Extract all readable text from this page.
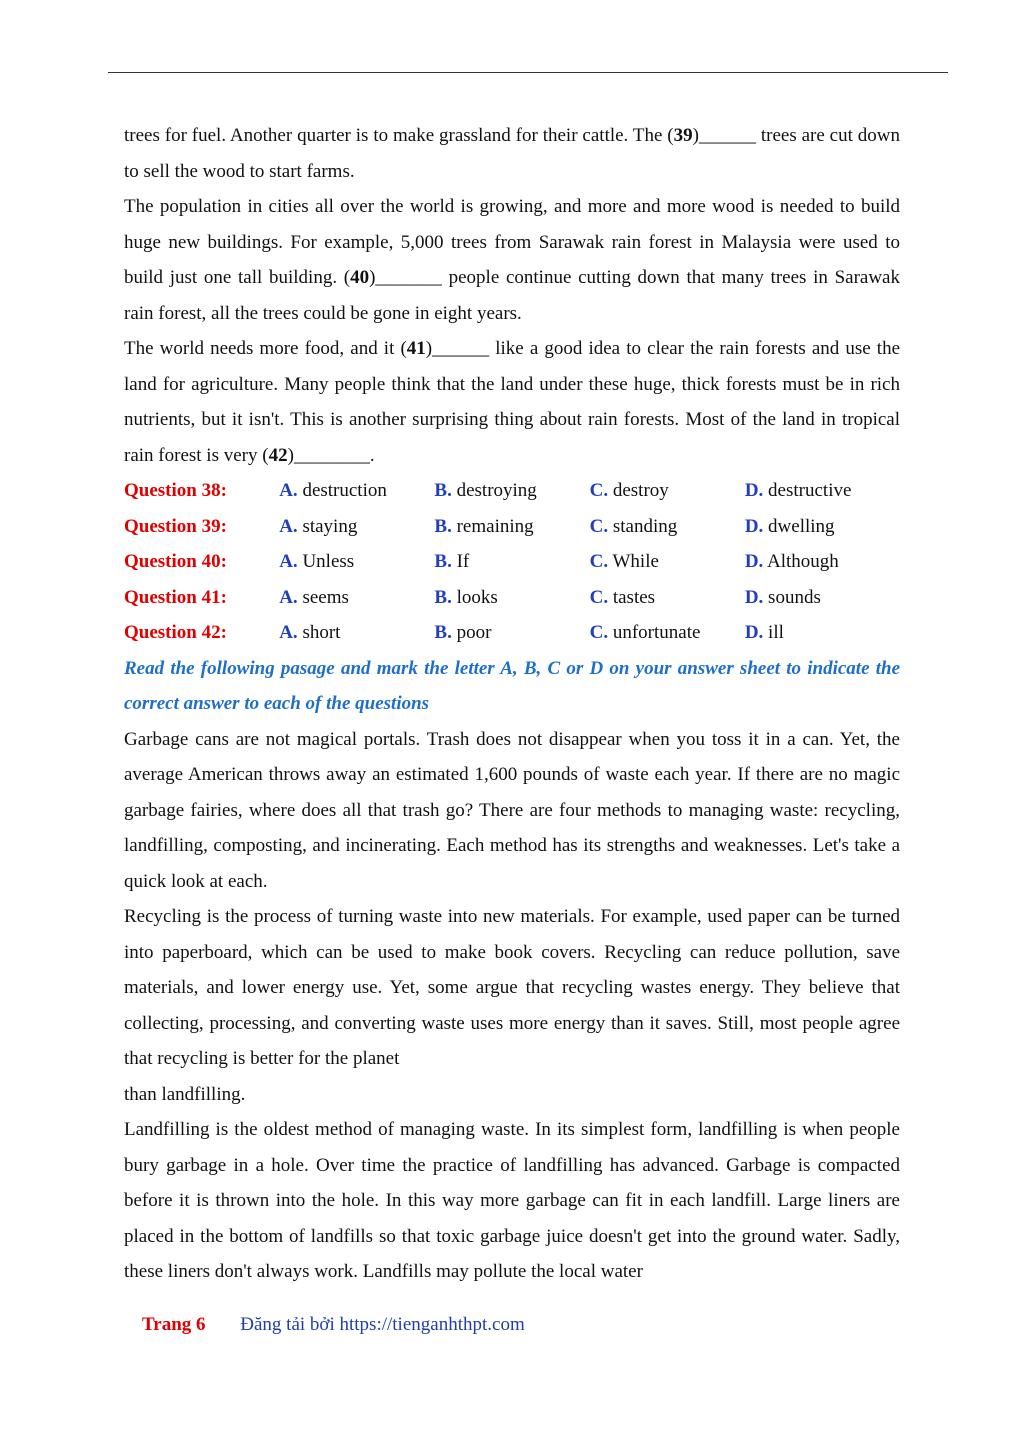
trees for fuel. Another quarter is to make grassland for their cattle. The (39)______ trees are cut down to sell the wood to start farms.

The population in cities all over the world is growing, and more and more wood is needed to build huge new buildings. For example, 5,000 trees from Sarawak rain forest in Malaysia were used to build just one tall building. (40)_______ people continue cutting down that many trees in Sarawak rain forest, all the trees could be gone in eight years.

The world needs more food, and it (41)______ like a good idea to clear the rain forests and use the land for agriculture. Many people think that the land under these huge, thick forests must be in rich nutrients, but it isn't. This is another surprising thing about rain forests. Most of the land in tropical rain forest is very (42)________.

Question 38:	A. destruction	B. destroying	C. destroy	D. destructive
Question 39:	A. staying	B. remaining	C. standing	D. dwelling
Question 40:	A. Unless	B. If	C. While	D. Although
Question 41:	A. seems	B. looks	C. tastes	D. sounds
Question 42:	A. short	B. poor	C. unfortunate	D. ill

Read the following pasage and mark the letter A, B, C or D on your answer sheet to indicate the correct answer to each of the questions

Garbage cans are not magical portals. Trash does not disappear when you toss it in a can. Yet, the average American throws away an estimated 1,600 pounds of waste each year. If there are no magic garbage fairies, where does all that trash go? There are four methods to managing waste: recycling, landfilling, composting, and incinerating. Each method has its strengths and weaknesses. Let's take a quick look at each.

Recycling is the process of turning waste into new materials. For example, used paper can be turned into paperboard, which can be used to make book covers. Recycling can reduce pollution, save materials, and lower energy use. Yet, some argue that recycling wastes energy. They believe that collecting, processing, and converting waste uses more energy than it saves. Still, most people agree that recycling is better for the planet

than landfilling.

Landfilling is the oldest method of managing waste. In its simplest form, landfilling is when people bury garbage in a hole. Over time the practice of landfilling has advanced. Garbage is compacted before it is thrown into the hole. In this way more garbage can fit in each landfill. Large liners are placed in the bottom of landfills so that toxic garbage juice doesn't get into the ground water. Sadly, these liners don't always work. Landfills may pollute the local water

Trang 6 Đăng tải bởi https://tienganhthpt.com
